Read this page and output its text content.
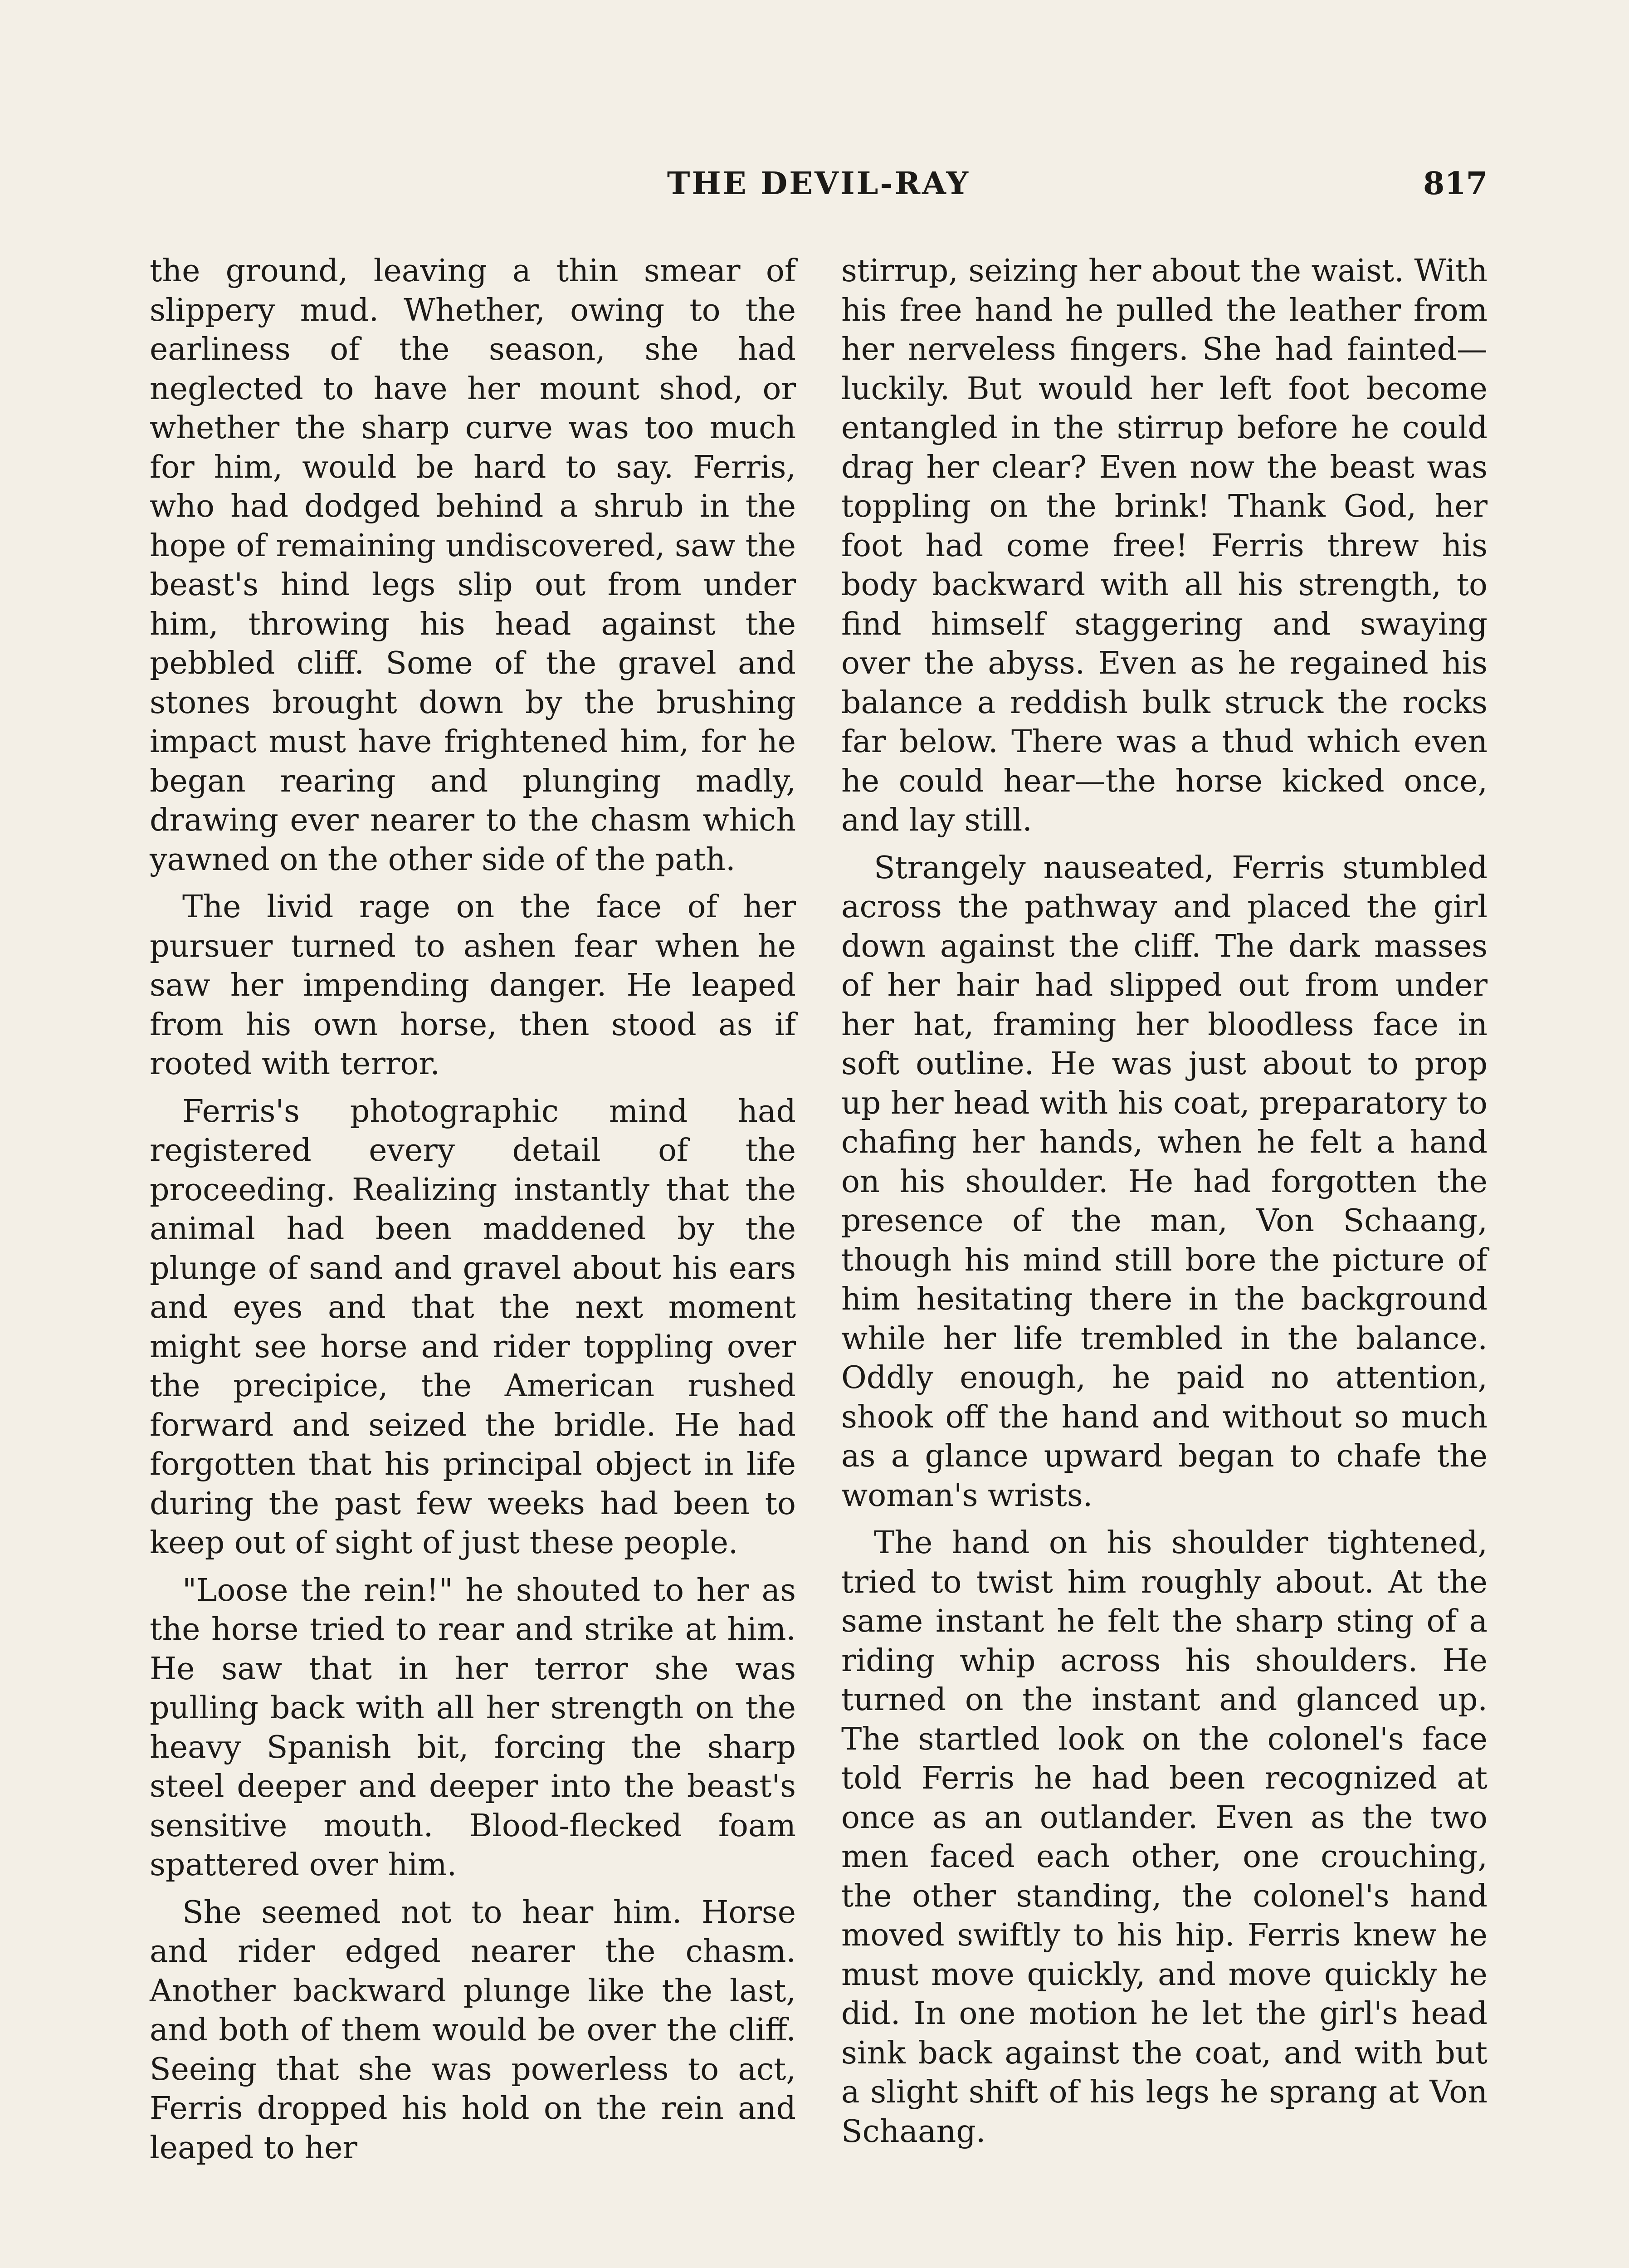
THE DEVIL-RAY	817

the ground, leaving a thin smear of slippery mud. Whether, owing to the earliness of the season, she had neglected to have her mount shod, or whether the sharp curve was too much for him, would be hard to say. Ferris, who had dodged behind a shrub in the hope of remaining undiscovered, saw the beast's hind legs slip out from under him, throwing his head against the pebbled cliff. Some of the gravel and stones brought down by the brushing impact must have frightened him, for he began rearing and plunging madly, drawing ever nearer to the chasm which yawned on the other side of the path.

The livid rage on the face of her pursuer turned to ashen fear when he saw her impending danger. He leaped from his own horse, then stood as if rooted with terror.

Ferris's photographic mind had registered every detail of the proceeding. Realizing instantly that the animal had been maddened by the plunge of sand and gravel about his ears and eyes and that the next moment might see horse and rider toppling over the precipice, the American rushed forward and seized the bridle. He had forgotten that his principal object in life during the past few weeks had been to keep out of sight of just these people.

"Loose the rein!" he shouted to her as the horse tried to rear and strike at him. He saw that in her terror she was pulling back with all her strength on the heavy Spanish bit, forcing the sharp steel deeper and deeper into the beast's sensitive mouth. Blood-flecked foam spattered over him.

She seemed not to hear him. Horse and rider edged nearer the chasm. Another backward plunge like the last, and both of them would be over the cliff. Seeing that she was powerless to act, Ferris dropped his hold on the rein and leaped to her

stirrup, seizing her about the waist. With his free hand he pulled the leather from her nerveless fingers. She had fainted—luckily. But would her left foot become entangled in the stirrup before he could drag her clear? Even now the beast was toppling on the brink! Thank God, her foot had come free! Ferris threw his body backward with all his strength, to find himself staggering and swaying over the abyss. Even as he regained his balance a reddish bulk struck the rocks far below. There was a thud which even he could hear—the horse kicked once, and lay still.

Strangely nauseated, Ferris stumbled across the pathway and placed the girl down against the cliff. The dark masses of her hair had slipped out from under her hat, framing her bloodless face in soft outline. He was just about to prop up her head with his coat, preparatory to chafing her hands, when he felt a hand on his shoulder. He had forgotten the presence of the man, Von Schaang, though his mind still bore the picture of him hesitating there in the background while her life trembled in the balance. Oddly enough, he paid no attention, shook off the hand and without so much as a glance upward began to chafe the woman's wrists.

The hand on his shoulder tightened, tried to twist him roughly about. At the same instant he felt the sharp sting of a riding whip across his shoulders. He turned on the instant and glanced up. The startled look on the colonel's face told Ferris he had been recognized at once as an outlander. Even as the two men faced each other, one crouching, the other standing, the colonel's hand moved swiftly to his hip. Ferris knew he must move quickly, and move quickly he did. In one motion he let the girl's head sink back against the coat, and with but a slight shift of his legs he sprang at Von Schaang.
